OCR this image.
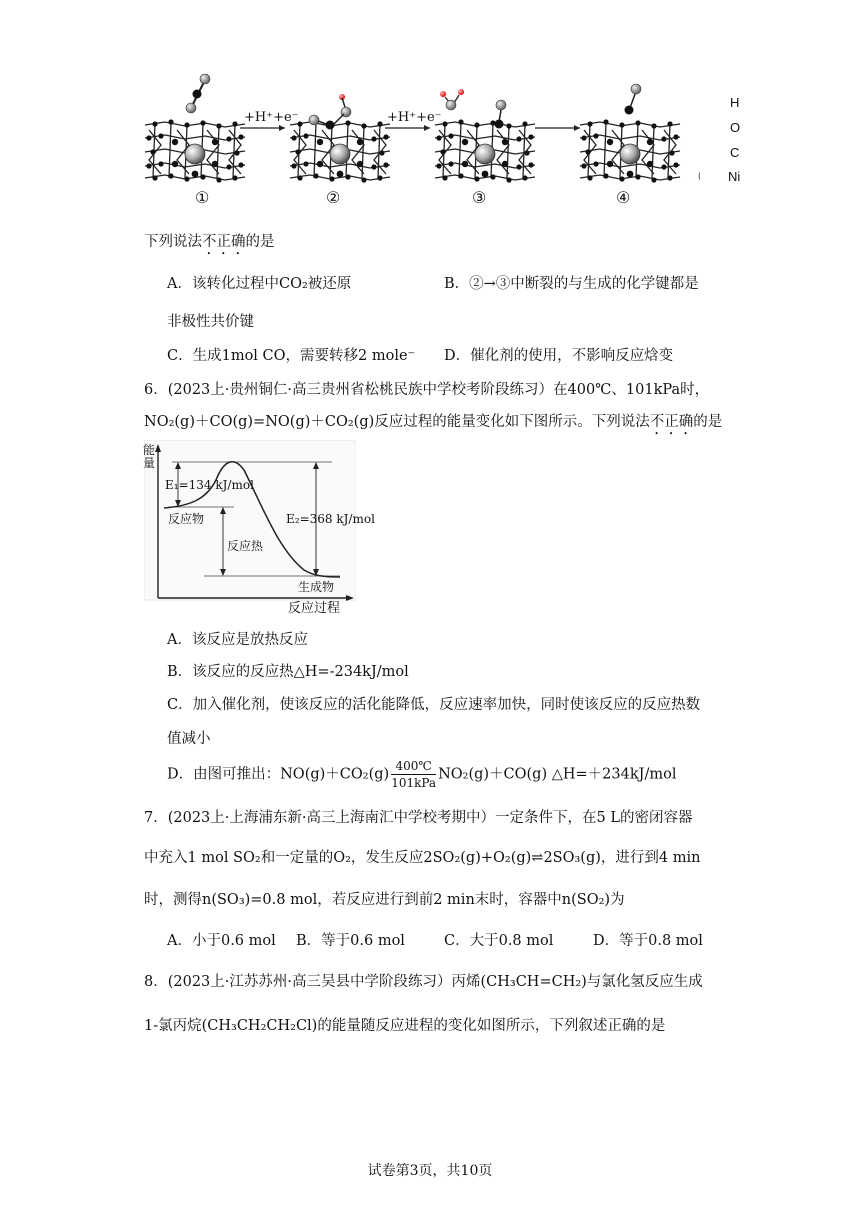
+H⁺+e⁻	+H⁺+e⁻
①	②	③	④
H
O
C
Ni
下列说法不正确的是
A．该转化过程中CO₂被还原	B．②→③中断裂的与生成的化学键都是
非极性共价键
C．生成1mol CO，需要转移2 mole⁻ D．催化剂的使用，不影响反应焓变
6．(2023上·贵州铜仁·高三贵州省松桃民族中学校考阶段练习）在400℃、101kPa时，
NO₂(g)＋CO(g)=NO(g)＋CO₂(g)反应过程的能量变化如下图所示。下列说法不正确的是
能
量
E₁=134 kJ/mol
反应物	E₂=368 kJ/mol
反应热
生成物
反应过程
A．该反应是放热反应
B．该反应的反应热△H=-234kJ/mol
C．加入催化剂，使该反应的活化能降低，反应速率加快，同时使该反应的反应热数
值减小
D．由图可推出：$NO(g)+CO_2(g) \frac{400℃}{\text{101kPa}} NO_2(g)+CO(g)$ △H=＋234kJ/mol
7．(2023上·上海浦东新·高三上海南汇中学校考期中）一定条件下，在5 L的密闭容器
中充入1 mol SO₂和一定量的O₂，发生反应2SO₂(g)+O₂(g)⇌2SO₃(g)，进行到4 min
时，测得n(SO₃)=0.8 mol，若反应进行到前2 min末时，容器中n(SO₂)为
A．小于0.6 mol B．等于0.6 mol	C．大于0.8 mol	D．等于0.8 mol
8．(2023上·江苏苏州·高三吴县中学阶段练习）丙烯(CH₃CH=CH₂)与氯化氢反应生成
1-氯丙烷(CH₃CH₂CH₂Cl)的能量随反应进程的变化如图所示，下列叙述正确的是
试卷第3页，共10页
